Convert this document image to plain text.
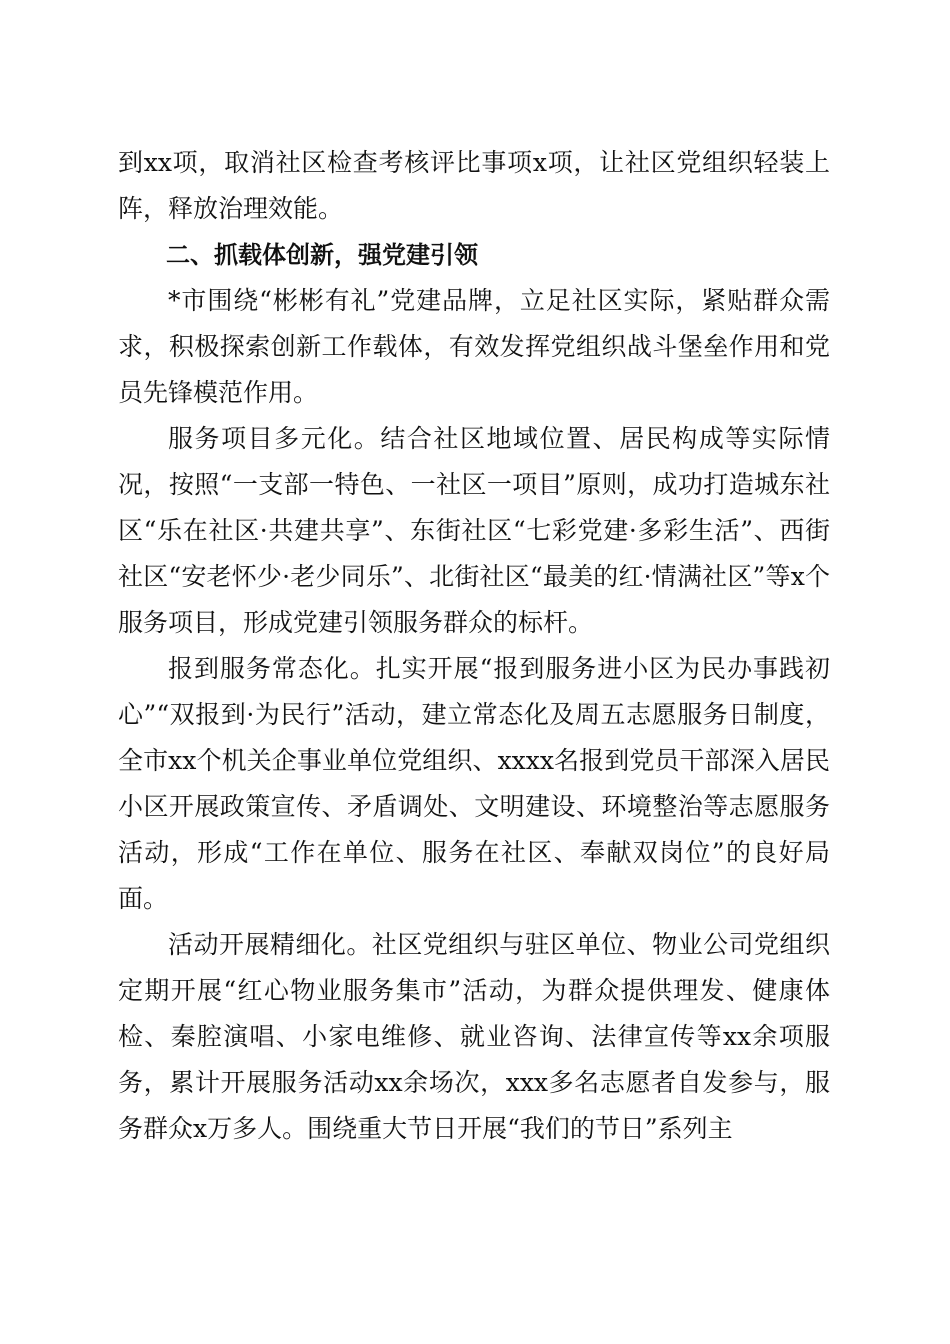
到xx项，取消社区检查考核评比事项x项，让社区党组织轻装上阵，释放治理效能。

二、抓载体创新，强党建引领

*市围绕“彬彬有礼”党建品牌，立足社区实际，紧贴群众需求，积极探索创新工作载体，有效发挥党组织战斗堡垒作用和党员先锋模范作用。

服务项目多元化。结合社区地域位置、居民构成等实际情况，按照“一支部一特色、一社区一项目”原则，成功打造城东社区“乐在社区·共建共享”、东街社区“七彩党建·多彩生活”、西街社区“安老怀少·老少同乐”、北街社区“最美的红·情满社区”等x个服务项目，形成党建引领服务群众的标杆。

报到服务常态化。扎实开展“报到服务进小区为民办事践初心”“双报到·为民行”活动，建立常态化及周五志愿服务日制度，全市xx个机关企事业单位党组织、xxxx名报到党员干部深入居民小区开展政策宣传、矛盾调处、文明建设、环境整治等志愿服务活动，形成“工作在单位、服务在社区、奉献双岗位”的良好局面。

活动开展精细化。社区党组织与驻区单位、物业公司党组织定期开展“红心物业服务集市”活动，为群众提供理发、健康体检、秦腔演唱、小家电维修、就业咨询、法律宣传等xx余项服务，累计开展服务活动xx余场次，xxx多名志愿者自发参与，服务群众x万多人。围绕重大节日开展“我们的节日”系列主
